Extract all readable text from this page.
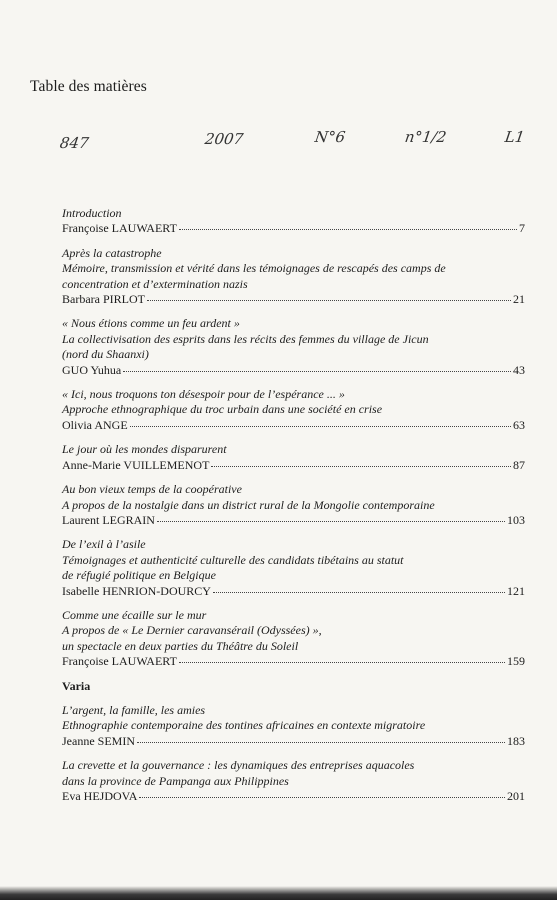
Table des matières
847	2007	N°6	n°1/2	L1
Introduction
Françoise LAUWAERT	7
Après la catastrophe
Mémoire, transmission et vérité dans les témoignages de rescapés des camps de
concentration et d’extermination nazis
Barbara PIRLOT	21
« Nous étions comme un feu ardent »
La collectivisation des esprits dans les récits des femmes du village de Jicun
(nord du Shaanxi)
GUO Yuhua	43
« Ici, nous troquons ton désespoir pour de l’espérance ... »
Approche ethnographique du troc urbain dans une société en crise
Olivia ANGE	63
Le jour où les mondes disparurent
Anne-Marie VUILLEMENOT	87
Au bon vieux temps de la coopérative
A propos de la nostalgie dans un district rural de la Mongolie contemporaine
Laurent LEGRAIN	103
De l’exil à l’asile
Témoignages et authenticité culturelle des candidats tibétains au statut
de réfugié politique en Belgique
Isabelle HENRION-DOURCY	121
Comme une écaille sur le mur
A propos de « Le Dernier caravansérail (Odyssées) »,
un spectacle en deux parties du Théâtre du Soleil
Françoise LAUWAERT	159
Varia
L’argent, la famille, les amies
Ethnographie contemporaine des tontines africaines en contexte migratoire
Jeanne SEMIN	183
La crevette et la gouvernance : les dynamiques des entreprises aquacoles
dans la province de Pampanga aux Philippines
Eva HEJDOVA	201
